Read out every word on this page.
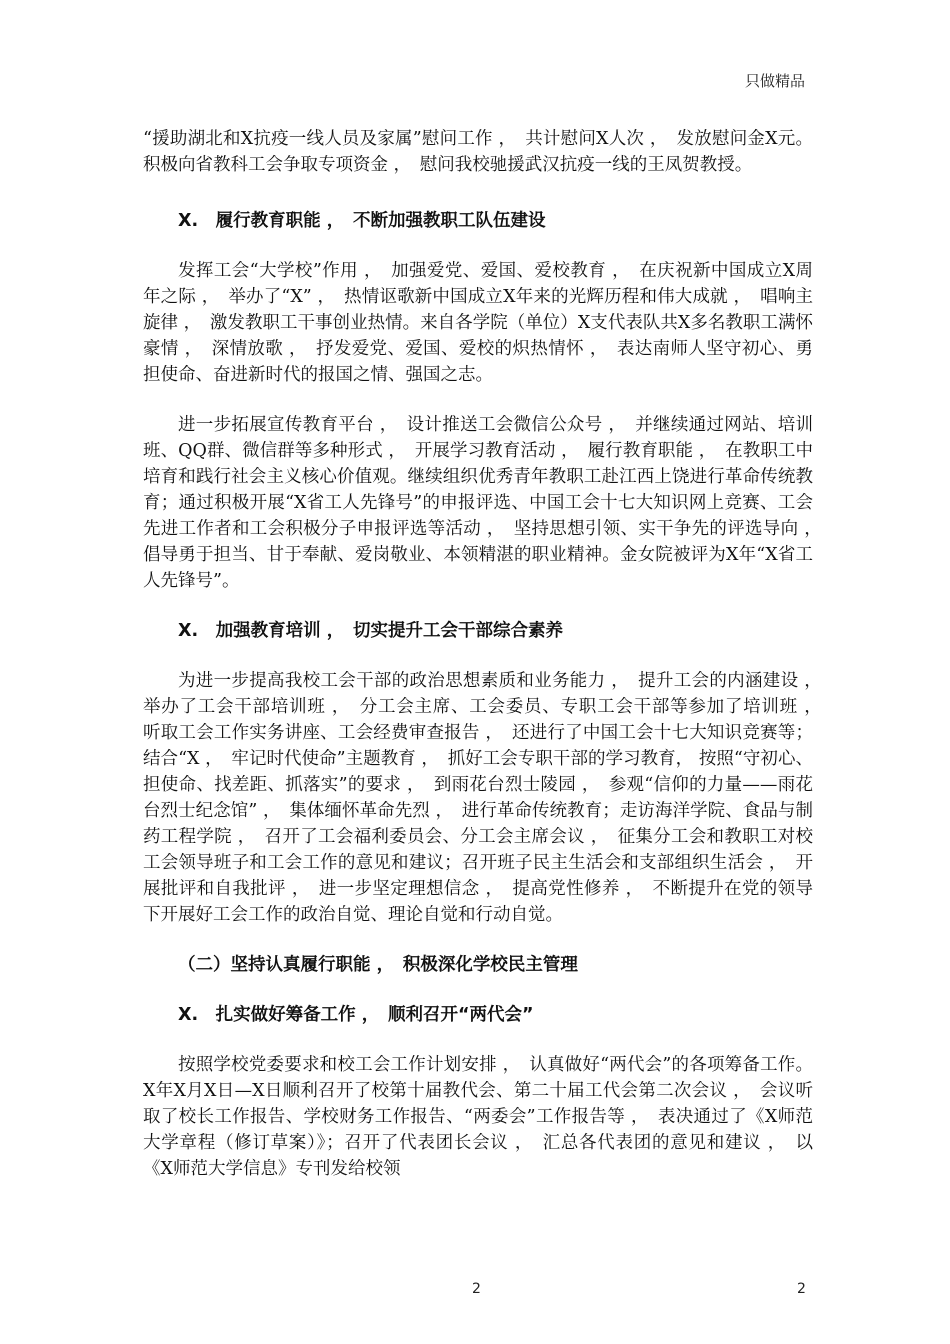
只做精品

“援助湖北和X抗疫一线人员及家属”慰问工作 ，　共计慰问X人次 ，　发放慰问金X元。积极向省教科工会争取专项资金 ，　慰问我校驰援武汉抗疫一线的王凤贺教授。

X.　履行教育职能 ，　不断加强教职工队伍建设

发挥工会“大学校”作用 ，　加强爱党、爱国、爱校教育 ，　在庆祝新中国成立X周年之际 ，　举办了“X” ，　热情讴歌新中国成立X年来的光辉历程和伟大成就 ，　唱响主旋律 ，　激发教职工干事创业热情。来自各学院（单位）X支代表队共X多名教职工满怀豪情 ，　深情放歌 ，　抒发爱党、爱国、爱校的炽热情怀 ，　表达南师人坚守初心、勇担使命、奋进新时代的报国之情、强国之志。

进一步拓展宣传教育平台 ，　设计推送工会微信公众号 ，　并继续通过网站、培训班、QQ群、微信群等多种形式 ，　开展学习教育活动 ，　履行教育职能 ，　在教职工中培育和践行社会主义核心价值观。继续组织优秀青年教职工赴江西上饶进行革命传统教育；通过积极开展“X省工人先锋号”的申报评选、中国工会十七大知识网上竞赛、工会先进工作者和工会积极分子申报评选等活动 ，　坚持思想引领、实干争先的评选导向 ，　倡导勇于担当、甘于奉献、爱岗敬业、本领精湛的职业精神。金女院被评为X年“X省工人先锋号”。

X.　加强教育培训 ，　切实提升工会干部综合素养

为进一步提高我校工会干部的政治思想素质和业务能力 ，　提升工会的内涵建设 ，　举办了工会干部培训班 ，　分工会主席、工会委员、专职工会干部等参加了培训班 ，　听取工会工作实务讲座、工会经费审查报告 ，　还进行了中国工会十七大知识竞赛等；结合“X ，　牢记时代使命”主题教育 ，　抓好工会专职干部的学习教育， 按照“守初心、担使命、找差距、抓落实”的要求 ，　到雨花台烈士陵园 ，　参观“信仰的力量——雨花台烈士纪念馆” ，　集体缅怀革命先烈 ，　进行革命传统教育；走访海洋学院、食品与制药工程学院 ，　召开了工会福利委员会、分工会主席会议 ，　征集分工会和教职工对校工会领导班子和工会工作的意见和建议；召开班子民主生活会和支部组织生活会 ，　开展批评和自我批评 ，　进一步坚定理想信念 ，　提高党性修养 ，　不断提升在党的领导下开展好工会工作的政治自觉、理论自觉和行动自觉。

（二）坚持认真履行职能 ，　积极深化学校民主管理

X.　扎实做好筹备工作 ，　顺利召开“两代会”

按照学校党委要求和校工会工作计划安排 ，　认真做好“两代会”的各项筹备工作。X年X月X日—X日顺利召开了校第十届教代会、第二十届工代会第二次会议 ，　会议听取了校长工作报告、学校财务工作报告、“两委会”工作报告等 ，　表决通过了《X师范大学章程（修订草案）》；召开了代表团长会议 ，　汇总各代表团的意见和建议 ，　以《X师范大学信息》专刊发给校领

2	2
